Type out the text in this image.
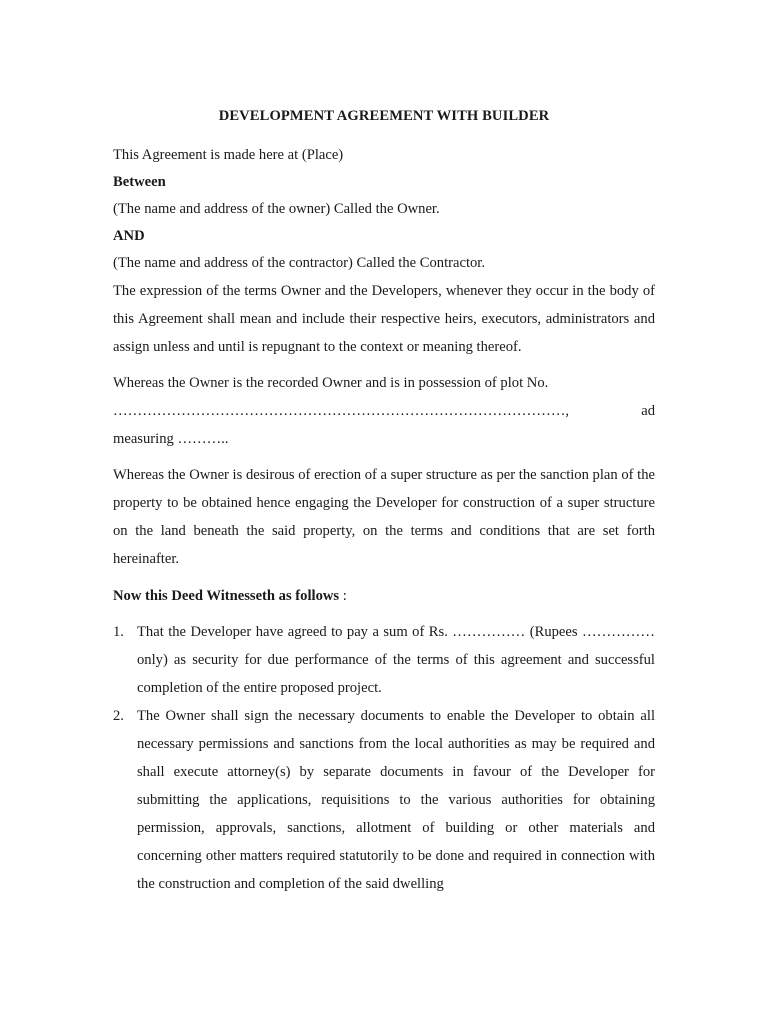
DEVELOPMENT AGREEMENT WITH BUILDER

This Agreement is made here at (Place)

Between

(The name and address of the owner) Called the Owner.

AND

(The name and address of the contractor) Called the Contractor.

The expression of the terms Owner and the Developers, whenever they occur in the body of this Agreement shall mean and include their respective heirs, executors, administrators and assign unless and until is repugnant to the context or meaning thereof.

Whereas the Owner is the recorded Owner and is in possession of plot No.
…………………………………………………………………………………,	ad
measuring ………..

Whereas the Owner is desirous of erection of a super structure as per the sanction plan of the property to be obtained hence engaging the Developer for construction of a super structure on the land beneath the said property, on the terms and conditions that are set forth hereinafter.

Now this Deed Witnesseth as follows :

1. That the Developer have agreed to pay a sum of Rs. …………… (Rupees …………… only) as security for due performance of the terms of this agreement and successful completion of the entire proposed project.
2. The Owner shall sign the necessary documents to enable the Developer to obtain all necessary permissions and sanctions from the local authorities as may be required and shall execute attorney(s) by separate documents in favour of the Developer for submitting the applications, requisitions to the various authorities for obtaining permission, approvals, sanctions, allotment of building or other materials and concerning other matters required statutorily to be done and required in connection with the construction and completion of the said dwelling
